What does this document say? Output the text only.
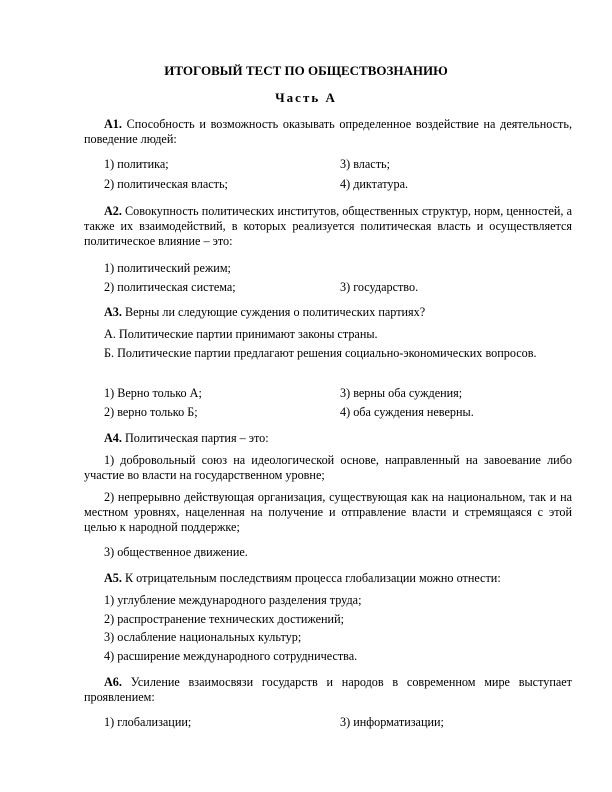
ИТОГОВЫЙ ТЕСТ ПО ОБЩЕСТВОЗНАНИЮ
Часть А
А1. Способность и возможность оказывать определенное воздействие на деятельность, поведение людей:
1) политика;	3) власть;
2) политическая власть;	4) диктатура.
А2. Совокупность политических институтов, общественных структур, норм, ценностей, а также их взаимодействий, в которых реализуется политическая власть и осуществляется политическое влияние – это:
1) политический режим;
2) политическая система;	3) государство.
А3. Верны ли следующие суждения о политических партиях?
А. Политические партии принимают законы страны.
Б. Политические партии предлагают решения социально-экономических вопросов.
1) Верно только А;	3) верны оба суждения;
2) верно только Б;	4) оба суждения неверны.
А4. Политическая партия – это:
1) добровольный союз на идеологической основе, направленный на завоевание либо участие во власти на государственном уровне;
2) непрерывно действующая организация, существующая как на национальном, так и на местном уровнях, нацеленная на получение и отправление власти и стремящаяся с этой целью к народной поддержке;
3) общественное движение.
А5. К отрицательным последствиям процесса глобализации можно отнести:
1) углубление международного разделения труда;
2) распространение технических достижений;
3) ослабление национальных культур;
4) расширение международного сотрудничества.
А6. Усиление взаимосвязи государств и народов в современном мире выступает проявлением:
1) глобализации;	3) информатизации;
